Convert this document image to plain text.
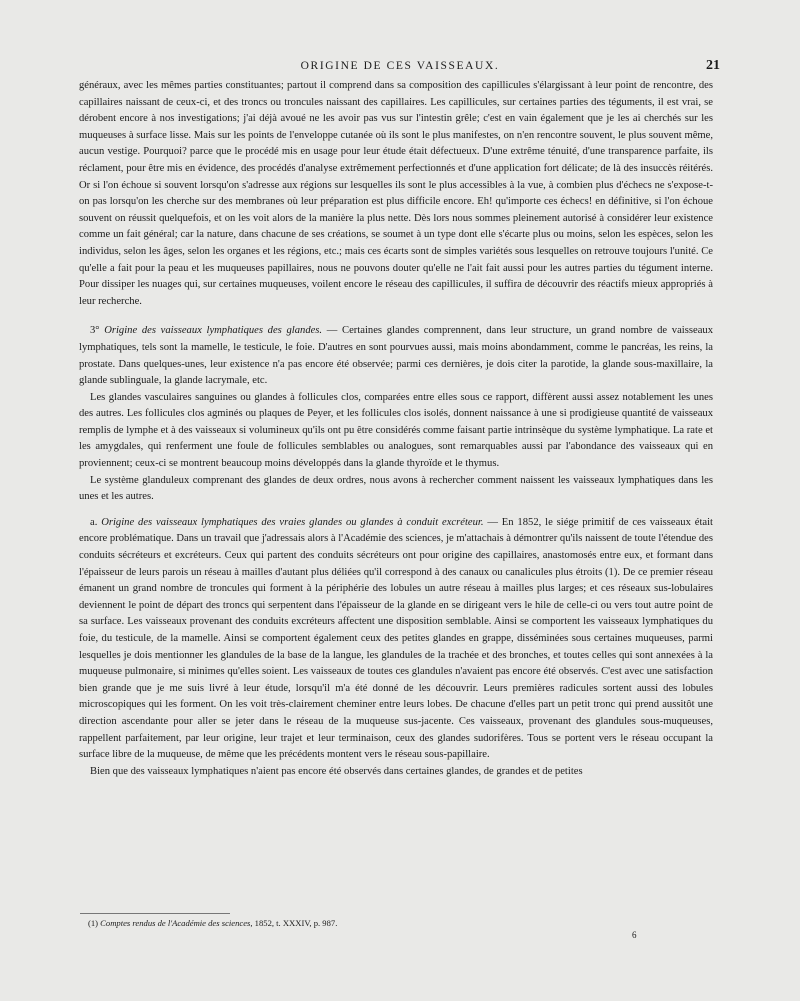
ORIGINE DE CES VAISSEAUX.	21

généraux, avec les mêmes parties constituantes; partout il comprend dans sa composition des capillicules s'élargissant à leur point de rencontre, des capillaires naissant de ceux-ci, et des troncs ou troncules naissant des capillaires. Les capillicules, sur certaines parties des téguments, il est vrai, se dérobent encore à nos investigations; j'ai déjà avoué ne les avoir pas vus sur l'intestin grêle; c'est en vain également que je les ai cherchés sur les muqueuses à surface lisse. Mais sur les points de l'enveloppe cutanée où ils sont le plus manifestes, on n'en rencontre souvent, le plus souvent même, aucun vestige. Pourquoi? parce que le procédé mis en usage pour leur étude était défectueux. D'une extrême ténuité, d'une transparence parfaite, ils réclament, pour être mis en évidence, des procédés d'analyse extrêmement perfectionnés et d'une application fort délicate; de là des insuccès réitérés. Or si l'on échoue si souvent lorsqu'on s'adresse aux régions sur lesquelles ils sont le plus accessibles à la vue, à combien plus d'échecs ne s'expose-t-on pas lorsqu'on les cherche sur des membranes où leur préparation est plus difficile encore. Eh! qu'importe ces échecs! en définitive, si l'on échoue souvent on réussit quelquefois, et on les voit alors de la manière la plus nette. Dès lors nous sommes pleinement autorisé à considérer leur existence comme un fait général; car la nature, dans chacune de ses créations, se soumet à un type dont elle s'écarte plus ou moins, selon les espèces, selon les individus, selon les âges, selon les organes et les régions, etc.; mais ces écarts sont de simples variétés sous lesquelles on retrouve toujours l'unité. Ce qu'elle a fait pour la peau et les muqueuses papillaires, nous ne pouvons douter qu'elle ne l'ait fait aussi pour les autres parties du tégument interne. Pour dissiper les nuages qui, sur certaines muqueuses, voilent encore le réseau des capillicules, il suffira de découvrir des réactifs mieux appropriés à leur recherche.

3° Origine des vaisseaux lymphatiques des glandes. — Certaines glandes comprennent, dans leur structure, un grand nombre de vaisseaux lymphatiques, tels sont la mamelle, le testicule, le foie. D'autres en sont pourvues aussi, mais moins abondamment, comme le pancréas, les reins, la prostate. Dans quelques-unes, leur existence n'a pas encore été observée; parmi ces dernières, je dois citer la parotide, la glande sous-maxillaire, la glande sublinguale, la glande lacrymale, etc.

Les glandes vasculaires sanguines ou glandes à follicules clos, comparées entre elles sous ce rapport, diffèrent aussi assez notablement les unes des autres. Les follicules clos agminés ou plaques de Peyer, et les follicules clos isolés, donnent naissance à une si prodigieuse quantité de vaisseaux remplis de lymphe et à des vaisseaux si volumineux qu'ils ont pu être considérés comme faisant partie intrinsèque du système lymphatique. La rate et les amygdales, qui renferment une foule de follicules semblables ou analogues, sont remarquables aussi par l'abondance des vaisseaux qui en proviennent; ceux-ci se montrent beaucoup moins développés dans la glande thyroïde et le thymus.

Le système glanduleux comprenant des glandes de deux ordres, nous avons à rechercher comment naissent les vaisseaux lymphatiques dans les unes et les autres.

a. Origine des vaisseaux lymphatiques des vraies glandes ou glandes à conduit excréteur. — En 1852, le siége primitif de ces vaisseaux était encore problématique. Dans un travail que j'adressais alors à l'Académie des sciences, je m'attachais à démontrer qu'ils naissent de toute l'étendue des conduits sécréteurs et excréteurs. Ceux qui partent des conduits sécréteurs ont pour origine des capillaires, anastomosés entre eux, et formant dans l'épaisseur de leurs parois un réseau à mailles d'autant plus déliées qu'il correspond à des canaux ou canalicules plus étroits (1). De ce premier réseau émanent un grand nombre de troncules qui forment à la périphérie des lobules un autre réseau à mailles plus larges; et ces réseaux sus-lobulaires deviennent le point de départ des troncs qui serpentent dans l'épaisseur de la glande en se dirigeant vers le hile de celle-ci ou vers tout autre point de sa surface. Les vaisseaux provenant des conduits excréteurs affectent une disposition semblable. Ainsi se comportent les vaisseaux lymphatiques du foie, du testicule, de la mamelle. Ainsi se comportent également ceux des petites glandes en grappe, disséminées sous certaines muqueuses, parmi lesquelles je dois mentionner les glandules de la base de la langue, les glandules de la trachée et des bronches, et toutes celles qui sont annexées à la muqueuse pulmonaire, si minimes qu'elles soient. Les vaisseaux de toutes ces glandules n'avaient pas encore été observés. C'est avec une satisfaction bien grande que je me suis livré à leur étude, lorsqu'il m'a été donné de les découvrir. Leurs premières radicules sortent aussi des lobules microscopiques qui les forment. On les voit très-clairement cheminer entre leurs lobes. De chacune d'elles part un petit tronc qui prend aussitôt une direction ascendante pour aller se jeter dans le réseau de la muqueuse sus-jacente. Ces vaisseaux, provenant des glandules sous-muqueuses, rappellent parfaitement, par leur origine, leur trajet et leur terminaison, ceux des glandes sudorifères. Tous se portent vers le réseau occupant la surface libre de la muqueuse, de même que les précédents montent vers le réseau sous-papillaire.

Bien que des vaisseaux lymphatiques n'aient pas encore été observés dans certaines glandes, de grandes et de petites

(1) Comptes rendus de l'Académie des sciences, 1852, t. XXXIV, p. 987.
6
